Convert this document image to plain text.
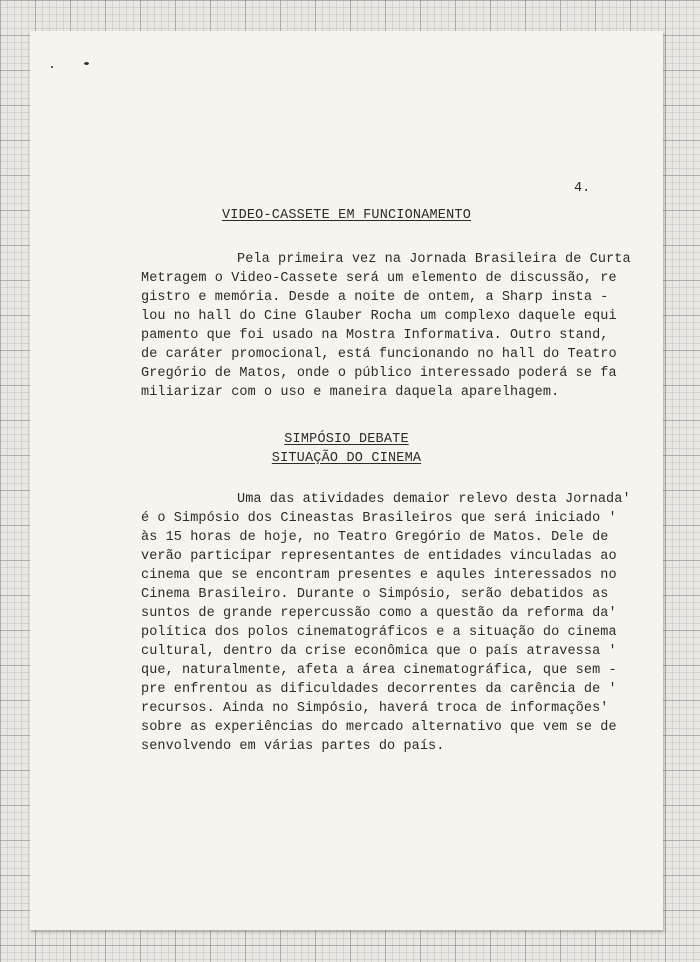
4.
VIDEO-CASSETE EM FUNCIONAMENTO

Pela primeira vez na Jornada Brasileira de Curta

Metragem o Video-Cassete será um elemento de discussão, re

gistro e memória. Desde a noite de ontem, a Sharp insta -

lou no hall do Cine Glauber Rocha um complexo daquele equi

pamento que foi usado na Mostra Informativa. Outro stand,

de caráter promocional, está funcionando no hall do Teatro

Gregório de Matos, onde o público interessado poderá se fa

miliarizar com o uso e maneira daquela aparelhagem.

SIMPÓSIO DEBATE
SITUAÇÃO DO CINEMA

Uma das atividades demaior relevo desta Jornada'

é o Simpósio dos Cineastas Brasileiros que será iniciado '

às 15 horas de hoje, no Teatro Gregório de Matos. Dele de

verão participar representantes de entidades vinculadas ao

cinema que se encontram presentes e aqules interessados no

Cinema Brasileiro. Durante o Simpósio, serão debatidos as

suntos de grande repercussão como a questão da reforma da'

política dos polos cinematográficos e a situação do cinema

cultural, dentro da crise econômica que o país atravessa '

que, naturalmente, afeta a área cinematográfica, que sem -

pre enfrentou as dificuldades decorrentes da carência de '

recursos. Ainda no Simpósio, haverá troca de informações'

sobre as experiências do mercado alternativo que vem se de

senvolvendo em várias partes do país.
